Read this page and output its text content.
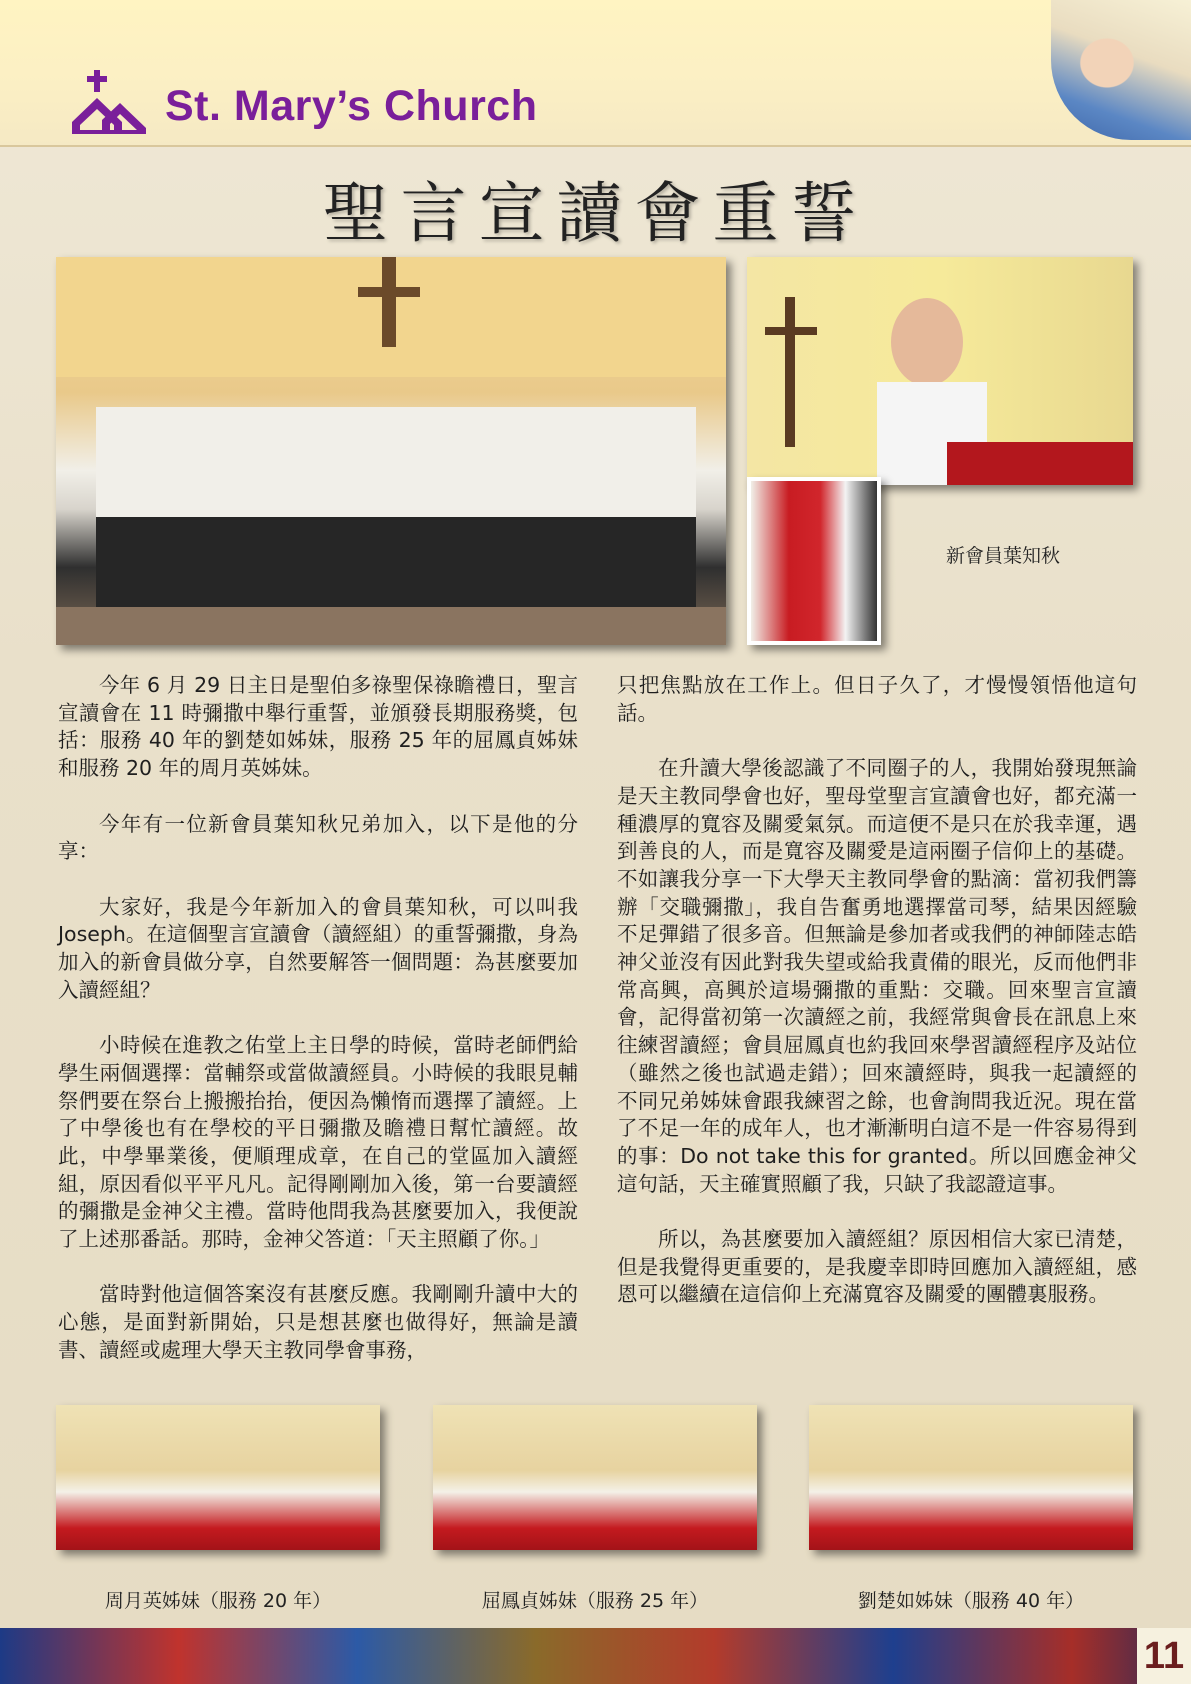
St. Mary’s Church
聖言宣讀會重誓
新會員葉知秋

今年 6 月 29 日主日是聖伯多祿聖保祿瞻禮日，聖言宣讀會在 11 時彌撒中舉行重誓，並頒發長期服務獎，包括：服務 40 年的劉楚如姊妹，服務 25 年的屈鳳貞姊妹和服務 20 年的周月英姊妹。

今年有一位新會員葉知秋兄弟加入，以下是他的分享：

大家好，我是今年新加入的會員葉知秋，可以叫我 Joseph。在這個聖言宣讀會（讀經組）的重誓彌撒，身為加入的新會員做分享，自然要解答一個問題：為甚麼要加入讀經組？

小時候在進教之佑堂上主日學的時候，當時老師們給學生兩個選擇：當輔祭或當做讀經員。小時候的我眼見輔祭們要在祭台上搬搬抬抬，便因為懶惰而選擇了讀經。上了中學後也有在學校的平日彌撒及瞻禮日幫忙讀經。故此，中學畢業後，便順理成章，在自己的堂區加入讀經組，原因看似平平凡凡。記得剛剛加入後，第一台要讀經的彌撒是金神父主禮。當時他問我為甚麼要加入，我便說了上述那番話。那時，金神父答道：「天主照顧了你。」

當時對他這個答案沒有甚麼反應。我剛剛升讀中大的心態，是面對新開始，只是想甚麼也做得好，無論是讀書、讀經或處理大學天主教同學會事務，

只把焦點放在工作上。但日子久了，才慢慢領悟他這句話。

在升讀大學後認識了不同圈子的人，我開始發現無論是天主教同學會也好，聖母堂聖言宣讀會也好，都充滿一種濃厚的寬容及關愛氣氛。而這便不是只在於我幸運，遇到善良的人，而是寬容及關愛是這兩圈子信仰上的基礎。不如讓我分享一下大學天主教同學會的點滴：當初我們籌辦「交職彌撒」，我自告奮勇地選擇當司琴，結果因經驗不足彈錯了很多音。但無論是參加者或我們的神師陸志皓神父並沒有因此對我失望或給我責備的眼光，反而他們非常高興，高興於這場彌撒的重點：交職。回來聖言宣讀會，記得當初第一次讀經之前，我經常與會長在訊息上來往練習讀經；會員屈鳳貞也約我回來學習讀經程序及站位（雖然之後也試過走錯）；回來讀經時，與我一起讀經的不同兄弟姊妹會跟我練習之餘，也會詢問我近況。現在當了不足一年的成年人，也才漸漸明白這不是一件容易得到的事：Do not take this for granted。所以回應金神父這句話，天主確實照顧了我，只缺了我認證這事。

所以，為甚麼要加入讀經組？原因相信大家已清楚，但是我覺得更重要的，是我慶幸即時回應加入讀經組，感恩可以繼續在這信仰上充滿寬容及關愛的團體裏服務。

周月英姊妹（服務 20 年）	屈鳳貞姊妹（服務 25 年）	劉楚如姊妹（服務 40 年）
11
